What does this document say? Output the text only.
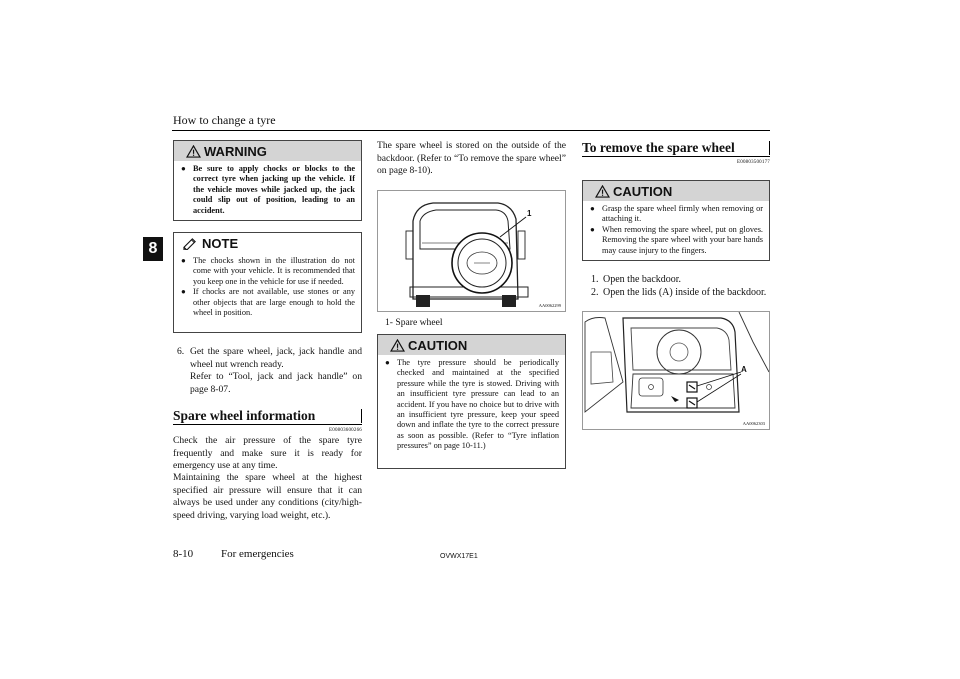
How to change a tyre
8
WARNING
● Be sure to apply chocks or blocks to the correct tyre when jacking up the vehicle. If the vehicle moves while jacked up, the jack could slip out of position, leading to an accident.
NOTE
● The chocks shown in the illustration do not come with your vehicle. It is recommended that you keep one in the vehicle for use if needed.
● If chocks are not available, use stones or any other objects that are large enough to hold the wheel in position.
6. Get the spare wheel, jack, jack handle and wheel nut wrench ready.
Refer to “Tool, jack and jack handle” on page 8-07.
Spare wheel information
E00803600266
Check the air pressure of the spare tyre frequently and make sure it is ready for emergency use at any time.
Maintaining the spare wheel at the highest specified air pressure will ensure that it can always be used under any conditions (city/high-speed driving, varying load weight, etc.).
The spare wheel is stored on the outside of the backdoor. (Refer to “To remove the spare wheel” on page 8-10).
1
AA0062299
1- Spare wheel
CAUTION
● The tyre pressure should be periodically checked and maintained at the specified pressure while the tyre is stowed. Driving with an insufficient tyre pressure can lead to an accident. If you have no choice but to drive with an insufficient tyre pressure, keep your speed down and inflate the tyre to the correct pressure as soon as possible. (Refer to “Tyre inflation pressures” on page 10-11.)
To remove the spare wheel
E00803500177
CAUTION
● Grasp the spare wheel firmly when removing or attaching it.
● When removing the spare wheel, put on gloves. Removing the spare wheel with your bare hands may cause injury to the fingers.
1. Open the backdoor.
2. Open the lids (A) inside of the backdoor.
A
AA0062303
8-10	For emergencies	OVWX17E1
